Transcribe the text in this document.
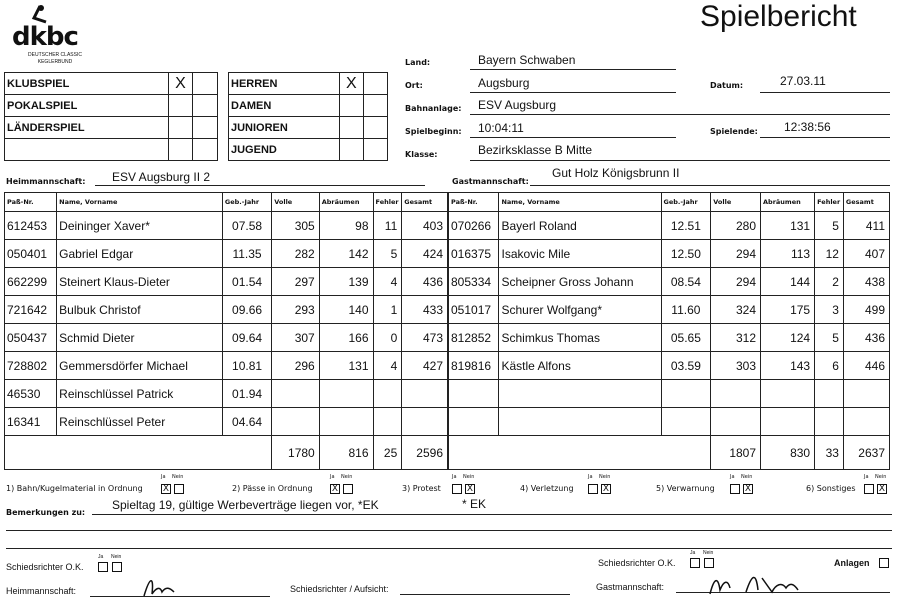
dkbc
DEUTSCHER CLASSIC
KEGLERBUND
Spielbericht
KLUBSPIEL	X	
POKALSPIEL		
LÄNDERSPIEL		

HERREN	X	
DAMEN		
JUNIOREN		
JUGEND		
Land:	Bayern Schwaben
Ort:	Augsburg	Datum:	27.03.11
Bahnanlage: ESV Augsburg
Spielbeginn: 10:04:11	Spielende: 12:38:56
Klasse:	Bezirksklasse B Mitte
Heimmannschaft: ESV Augsburg II 2	Gastmannschaft:
Gut Holz Königsbrunn II
Paß-Nr.	Name, Vorname	Geb.-Jahr	Volle	Abräumen	Fehler	Gesamt
612453	Deininger Xaver*	07.58	305	98	11	403
050401	Gabriel Edgar	11.35	282	142	5	424
662299	Steinert Klaus-Dieter	01.54	297	139	4	436
721642	Bulbuk Christof	09.66	293	140	1	433
050437	Schmid Dieter	09.64	307	166	0	473
728802	Gemmersdörfer Michael	10.81	296	131	4	427
46530	Reinschlüssel Patrick	01.94				
16341	Reinschlüssel Peter	04.64				
			1780	816	25	2596
Paß-Nr.	Name, Vorname	Geb.-Jahr	Volle	Abräumen	Fehler	Gesamt
070266	Bayerl Roland	12.51	280	131	5	411
016375	Isakovic Mile	12.50	294	113	12	407
805334	Scheipner Gross Johann	08.54	294	144	2	438
051017	Schurer Wolfgang*	11.60	324	175	3	499
812852	Schimkus Thomas	05.65	312	124	5	436
819816	Kästle Alfons	03.59	303	143	6	446

			1807	830	33	2637
1) Bahn/Kugelmaterial in Ordnung
Ja Nein
X	2) Pässe in Ordnung
Ja Nein
X	3) Protest
Ja Nein
X	4) Verletzung
Ja Nein
X	5) Verwarnung
Ja Nein
X	6) Sonstiges
Ja Nein
X
Bemerkungen zu:
Spieltag 19, gültige Werbeverträge liegen vor, *EK	* EK
Schiedsrichter O.K.
Ja Nein
Schiedsrichter O.K.
Ja Nein
Anlagen
Heimmannschaft:	Schiedsrichter / Aufsicht:	Gastmannschaft:
